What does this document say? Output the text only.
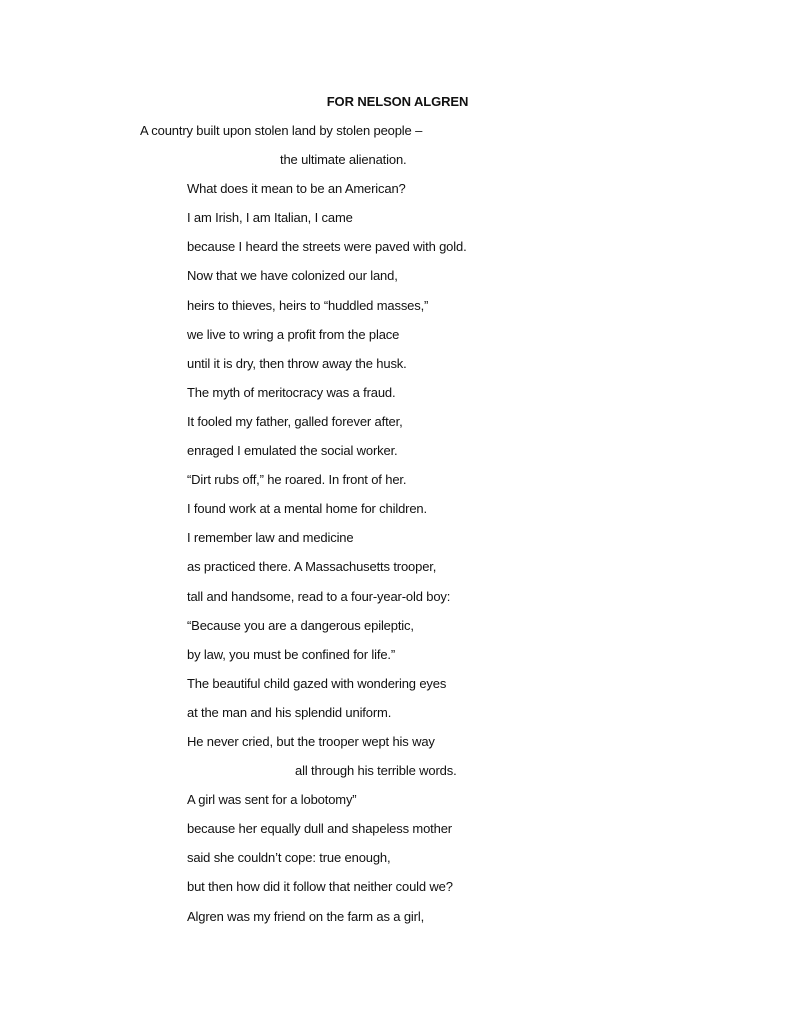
FOR NELSON ALGREN
A country built upon stolen land by stolen people –
the ultimate alienation.
What does it mean to be an American?
I am Irish, I am Italian, I came
because I heard the streets were paved with gold.
Now that we have colonized our land,
heirs to thieves, heirs to “huddled masses,”
we live to wring a profit from the place
until it is dry, then throw away the husk.
The myth of meritocracy was a fraud.
It fooled my father, galled forever after,
enraged I emulated the social worker.
“Dirt rubs off,” he roared. In front of her.
I found work at a mental home for children.
I remember law and medicine
as practiced there. A Massachusetts trooper,
tall and handsome, read to a four-year-old boy:
“Because you are a dangerous epileptic,
by law, you must be confined for life.”
The beautiful child gazed with wondering eyes
at the man and his splendid uniform.
He never cried, but the trooper wept his way
all through his terrible words.
A girl was sent for a lobotomy”
because her equally dull and shapeless mother
said she couldn’t cope: true enough,
but then how did it follow that neither could we?
Algren was my friend on the farm as a girl,
